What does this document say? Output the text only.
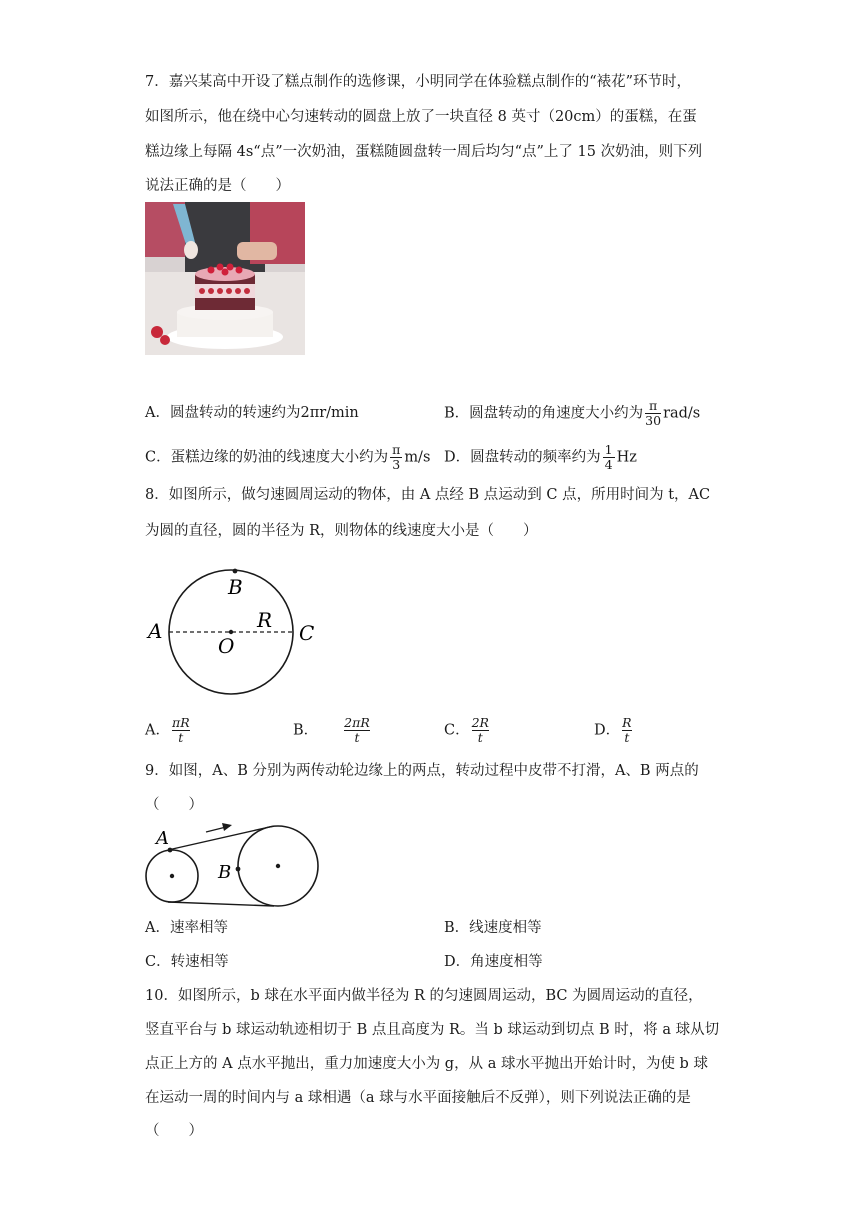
7．嘉兴某高中开设了糕点制作的选修课，小明同学在体验糕点制作的“裱花”环节时，
如图所示，他在绕中心匀速转动的圆盘上放了一块直径 8 英寸（20cm）的蛋糕，在蛋
糕边缘上每隔 4s“点”一次奶油，蛋糕随圆盘转一周后均匀“点”上了 15 次奶油，则下列
说法正确的是（　　）
A．圆盘转动的转速约为2πr/min	B．圆盘转动的角速度大小约为 $\frac{\pi}{30} rad/s$
C．蛋糕边缘的奶油的线速度大小约为 $\frac{\pi}{3} m/s$ D．圆盘转动的频率约为 $\frac{1}{4}$ Hz
8．如图所示，做匀速圆周运动的物体，由 A 点经 B 点运动到 C 点，所用时间为 t，AC
为圆的直径，圆的半径为 R，则物体的线速度大小是（　　）
B
A	C
R
O
A． $\frac{\pi R}{t}$	B． $\frac{2\pi R}{t}$	C． $\frac{2R}{t}$	D． $\frac{R}{t}$
9．如图，A、B 分别为两传动轮边缘上的两点，转动过程中皮带不打滑，A、B 两点的
（　　）
A
B
A．速率相等	B．线速度相等
C．转速相等	D．角速度相等
10．如图所示，b 球在水平面内做半径为 R 的匀速圆周运动，BC 为圆周运动的直径，
竖直平台与 b 球运动轨迹相切于 B 点且高度为 R。当 b 球运动到切点 B 时，将 a 球从切
点正上方的 A 点水平抛出，重力加速度大小为 g，从 a 球水平抛出开始计时，为使 b 球
在运动一周的时间内与 a 球相遇（a 球与水平面接触后不反弹），则下列说法正确的是
（　　）
